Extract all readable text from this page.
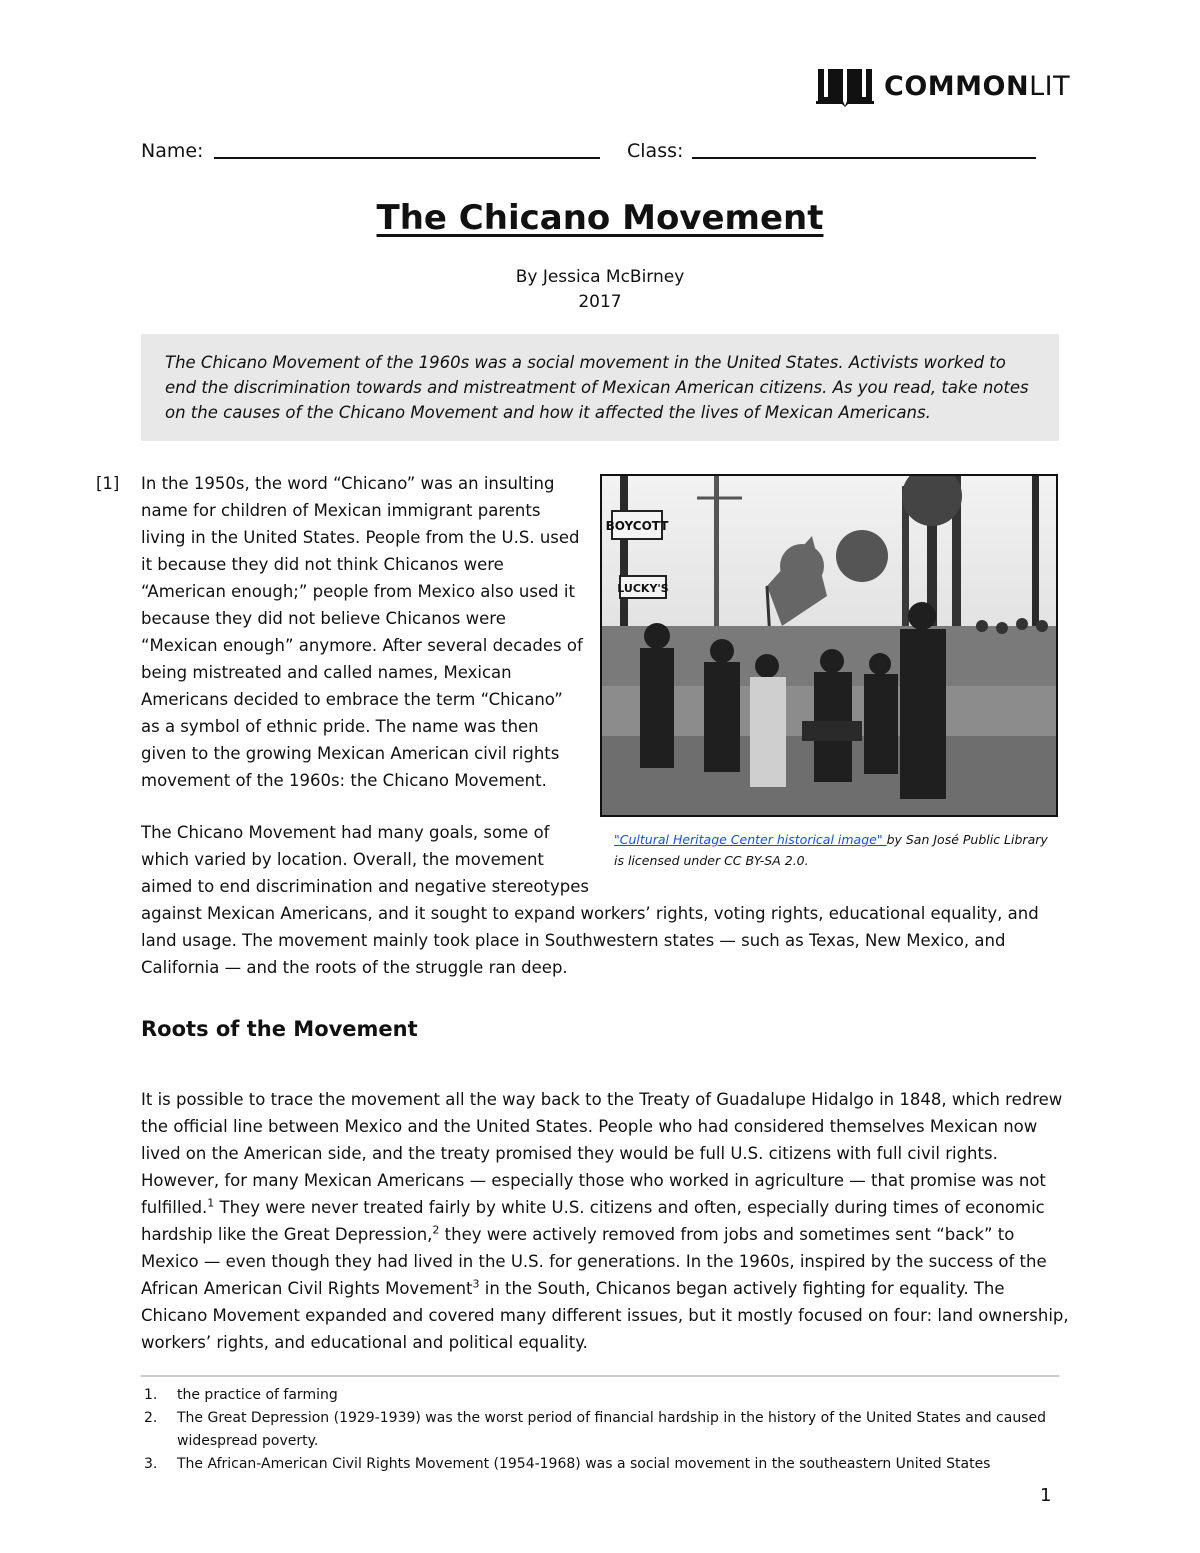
COMMONLIT
Name:	Class:
The Chicano Movement
By Jessica McBirney
2017
The Chicano Movement of the 1960s was a social movement in the United States. Activists worked to end the discrimination towards and mistreatment of Mexican American citizens. As you read, take notes on the causes of the Chicano Movement and how it affected the lives of Mexican Americans.
[1] In the 1950s, the word “Chicano” was an insulting name for children of Mexican immigrant parents living in the United States. People from the U.S. used it because they did not think Chicanos were “American enough;” people from Mexico also used it because they did not believe Chicanos were “Mexican enough” anymore. After several decades of being mistreated and called names, Mexican Americans decided to embrace the term “Chicano” as a symbol of ethnic pride. The name was then given to the growing Mexican American civil rights movement of the 1960s: the Chicano Movement.
BOYCOTT
LUCKY'S
"Cultural Heritage Center historical image" by San José Public Library is licensed under CC BY-SA 2.0.
The Chicano Movement had many goals, some of which varied by location. Overall, the movement aimed to end discrimination and negative stereotypes
against Mexican Americans, and it sought to expand workers’ rights, voting rights, educational equality, and land usage. The movement mainly took place in Southwestern states — such as Texas, New Mexico, and California — and the roots of the struggle ran deep.
Roots of the Movement
It is possible to trace the movement all the way back to the Treaty of Guadalupe Hidalgo in 1848, which redrew the official line between Mexico and the United States. People who had considered themselves Mexican now lived on the American side, and the treaty promised they would be full U.S. citizens with full civil rights. However, for many Mexican Americans — especially those who worked in agriculture — that promise was not fulfilled.$^1$ They were never treated fairly by white U.S. citizens and often, especially during times of economic hardship like the Great Depression,$^2$ they were actively removed from jobs and sometimes sent “back” to Mexico — even though they had lived in the U.S. for generations. In the 1960s, inspired by the success of the African American Civil Rights Movement$^3$ in the South, Chicanos began actively fighting for equality. The Chicano Movement expanded and covered many different issues, but it mostly focused on four: land ownership, workers’ rights, and educational and political equality.
1. the practice of farming
2. The Great Depression (1929-1939) was the worst period of financial hardship in the history of the United States and caused widespread poverty.
3. The African-American Civil Rights Movement (1954-1968) was a social movement in the southeastern United States
1
